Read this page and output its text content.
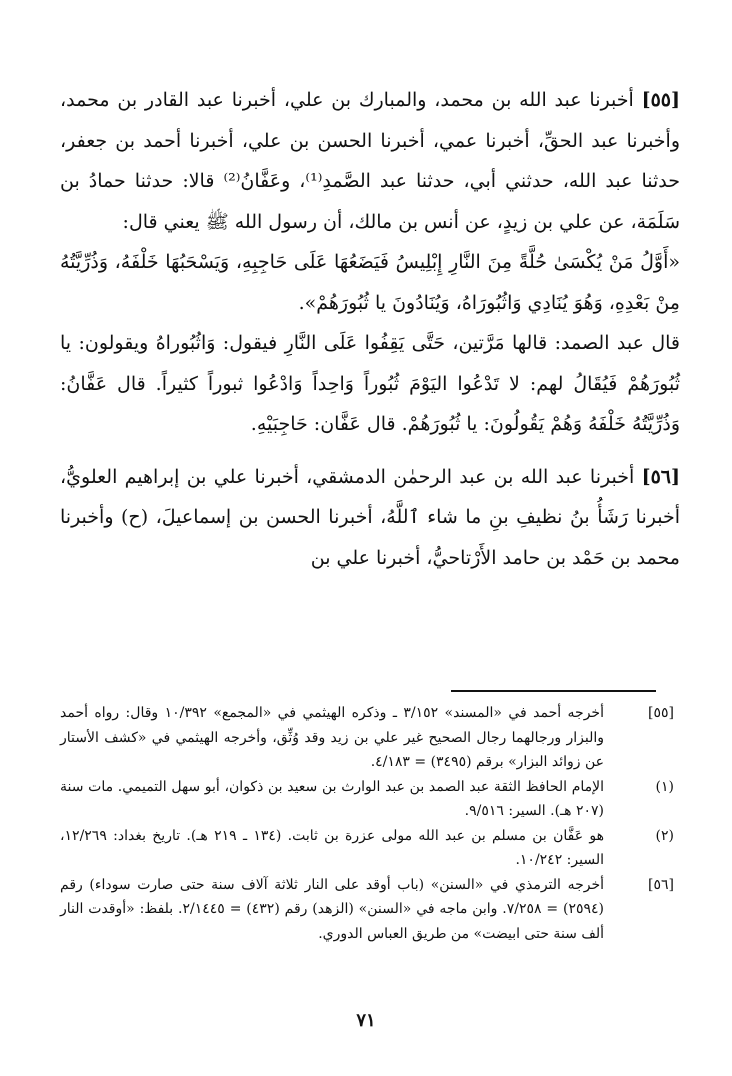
[٥٥] أخبرنا عبد الله بن محمد، والمبارك بن علي، أخبرنا عبد القادر بن محمد، وأخبرنا عبد الحقِّ، أخبرنا عمي، أخبرنا الحسن بن علي، أخبرنا أحمد بن جعفر، حدثنا عبد الله، حدثني أبي، حدثنا عبد الصَّمدِ⁽¹⁾، وعَفَّانُ⁽²⁾ قالا: حدثنا حمادُ بن سَلَمَة، عن علي بن زيدٍ، عن أنس بن مالك، أن رسول الله ﷺ يعني قال:

«أَوَّلُ مَنْ يُكْسَىٰ حُلَّةً مِنَ النَّارِ إِبْلِيسُ فَيَضَعُهَا عَلَى حَاجِبِهِ، وَيَسْحَبُهَا خَلْفَهُ، وَذُرِّيَّتُهُ مِنْ بَعْدِهِ، وَهُوَ يُنَادِي وَاثُبُورَاهُ، وَيُنَادُونَ يا ثُبُورَهُمْ».

قال عبد الصمد: قالها مَرَّتين، حَتَّى يَقِفُوا عَلَى النَّارِ فيقول: وَاثُبُوراهُ ويقولون: يا ثُبُورَهُمْ فَيُقَالُ لهم: لا تَدْعُوا اليَوْمَ ثُبُوراً وَاحِداً وَادْعُوا ثبوراً كثيراً. قال عَفَّانُ: وَذُرِّيَّتُهُ خَلْفَهُ وَهُمْ يَقُولُونَ: يا ثُبُورَهُمْ. قال عَفَّان: حَاجِبَيْهِ.

[٥٦] أخبرنا عبد الله بن عبد الرحمٰن الدمشقي، أخبرنا علي بن إبراهيم العلويُّ، أخبرنا رَشَأُ بنُ نظيفِ بنِ ما شاء ٱللَّهُ، أخبرنا الحسن بن إسماعيلَ، (ح) وأخبرنا محمد بن حَمْد بن حامد الأَرْتاحيُّ، أخبرنا علي بن

[٥٥]
أخرجه أحمد في «المسند» ٣/١٥٢ ـ وذكره الهيثمي في «المجمع» ١٠/٣٩٢ وقال: رواه أحمد والبزار ورجالهما رجال الصحيح غير علي بن زيد وقد وُثِّق، وأخرجه الهيثمي في «كشف الأستار عن زوائد البزار» برقم (٣٤٩٥) = ٤/١٨٣.
(١)
الإمام الحافظ الثقة عبد الصمد بن عبد الوارث بن سعيد بن ذكوان، أبو سهل التميمي. مات سنة (٢٠٧ هـ). السير: ٩/٥١٦.
(٢)
هو عَفَّان بن مسلم بن عبد الله مولى عزرة بن ثابت. (١٣٤ ـ ٢١٩ هـ). تاريخ بغداد: ١٢/٢٦٩، السير: ١٠/٢٤٢.
[٥٦]
أخرجه الترمذي في «السنن» (باب أوقد على النار ثلاثة آلاف سنة حتى صارت سوداء) رقم (٢٥٩٤) = ٧/٢٥٨. وابن ماجه في «السنن» (الزهد) رقم (٤٣٢) = ٢/١٤٤٥. بلفظ: «أوقدت النار ألف سنة حتى ابيضت» من طريق العباس الدوري.
٧١
